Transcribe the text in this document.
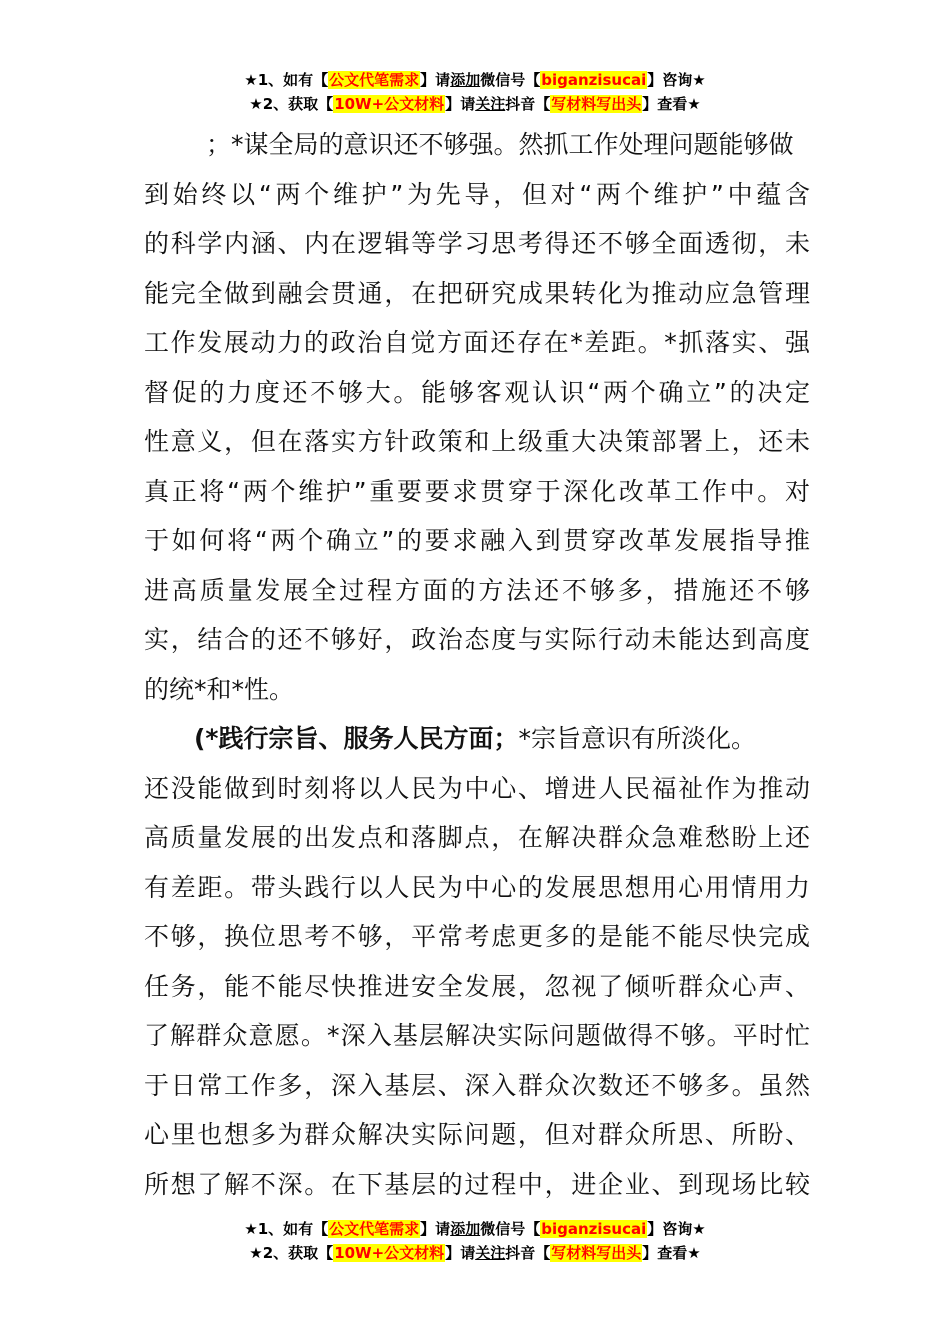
★1、如有【公文代笔需求】请添加微信号【biganzisucai】咨询★
★2、获取【10W+公文材料】请关注抖音【写材料写出头】查看★
；*谋全局的意识还不够强。然抓工作处理问题能够做
到始终以“两个维护”为先导，但对“两个维护”中蕴含
的科学内涵、内在逻辑等学习思考得还不够全面透彻，未
能完全做到融会贯通，在把研究成果转化为推动应急管理
工作发展动力的政治自觉方面还存在*差距。*抓落实、强
督促的力度还不够大。能够客观认识“两个确立”的决定
性意义，但在落实方针政策和上级重大决策部署上，还未
真正将“两个维护”重要要求贯穿于深化改革工作中。对
于如何将“两个确立”的要求融入到贯穿改革发展指导推
进高质量发展全过程方面的方法还不够多，措施还不够
实，结合的还不够好，政治态度与实际行动未能达到高度
的统*和*性。
(*践行宗旨、服务人民方面；*宗旨意识有所淡化。
还没能做到时刻将以人民为中心、增进人民福祉作为推动
高质量发展的出发点和落脚点，在解决群众急难愁盼上还
有差距。带头践行以人民为中心的发展思想用心用情用力
不够，换位思考不够，平常考虑更多的是能不能尽快完成
任务，能不能尽快推进安全发展，忽视了倾听群众心声、
了解群众意愿。*深入基层解决实际问题做得不够。平时忙
于日常工作多，深入基层、深入群众次数还不够多。虽然
心里也想多为群众解决实际问题，但对群众所思、所盼、
所想了解不深。在下基层的过程中，进企业、到现场比较
★1、如有【公文代笔需求】请添加微信号【biganzisucai】咨询★
★2、获取【10W+公文材料】请关注抖音【写材料写出头】查看★
